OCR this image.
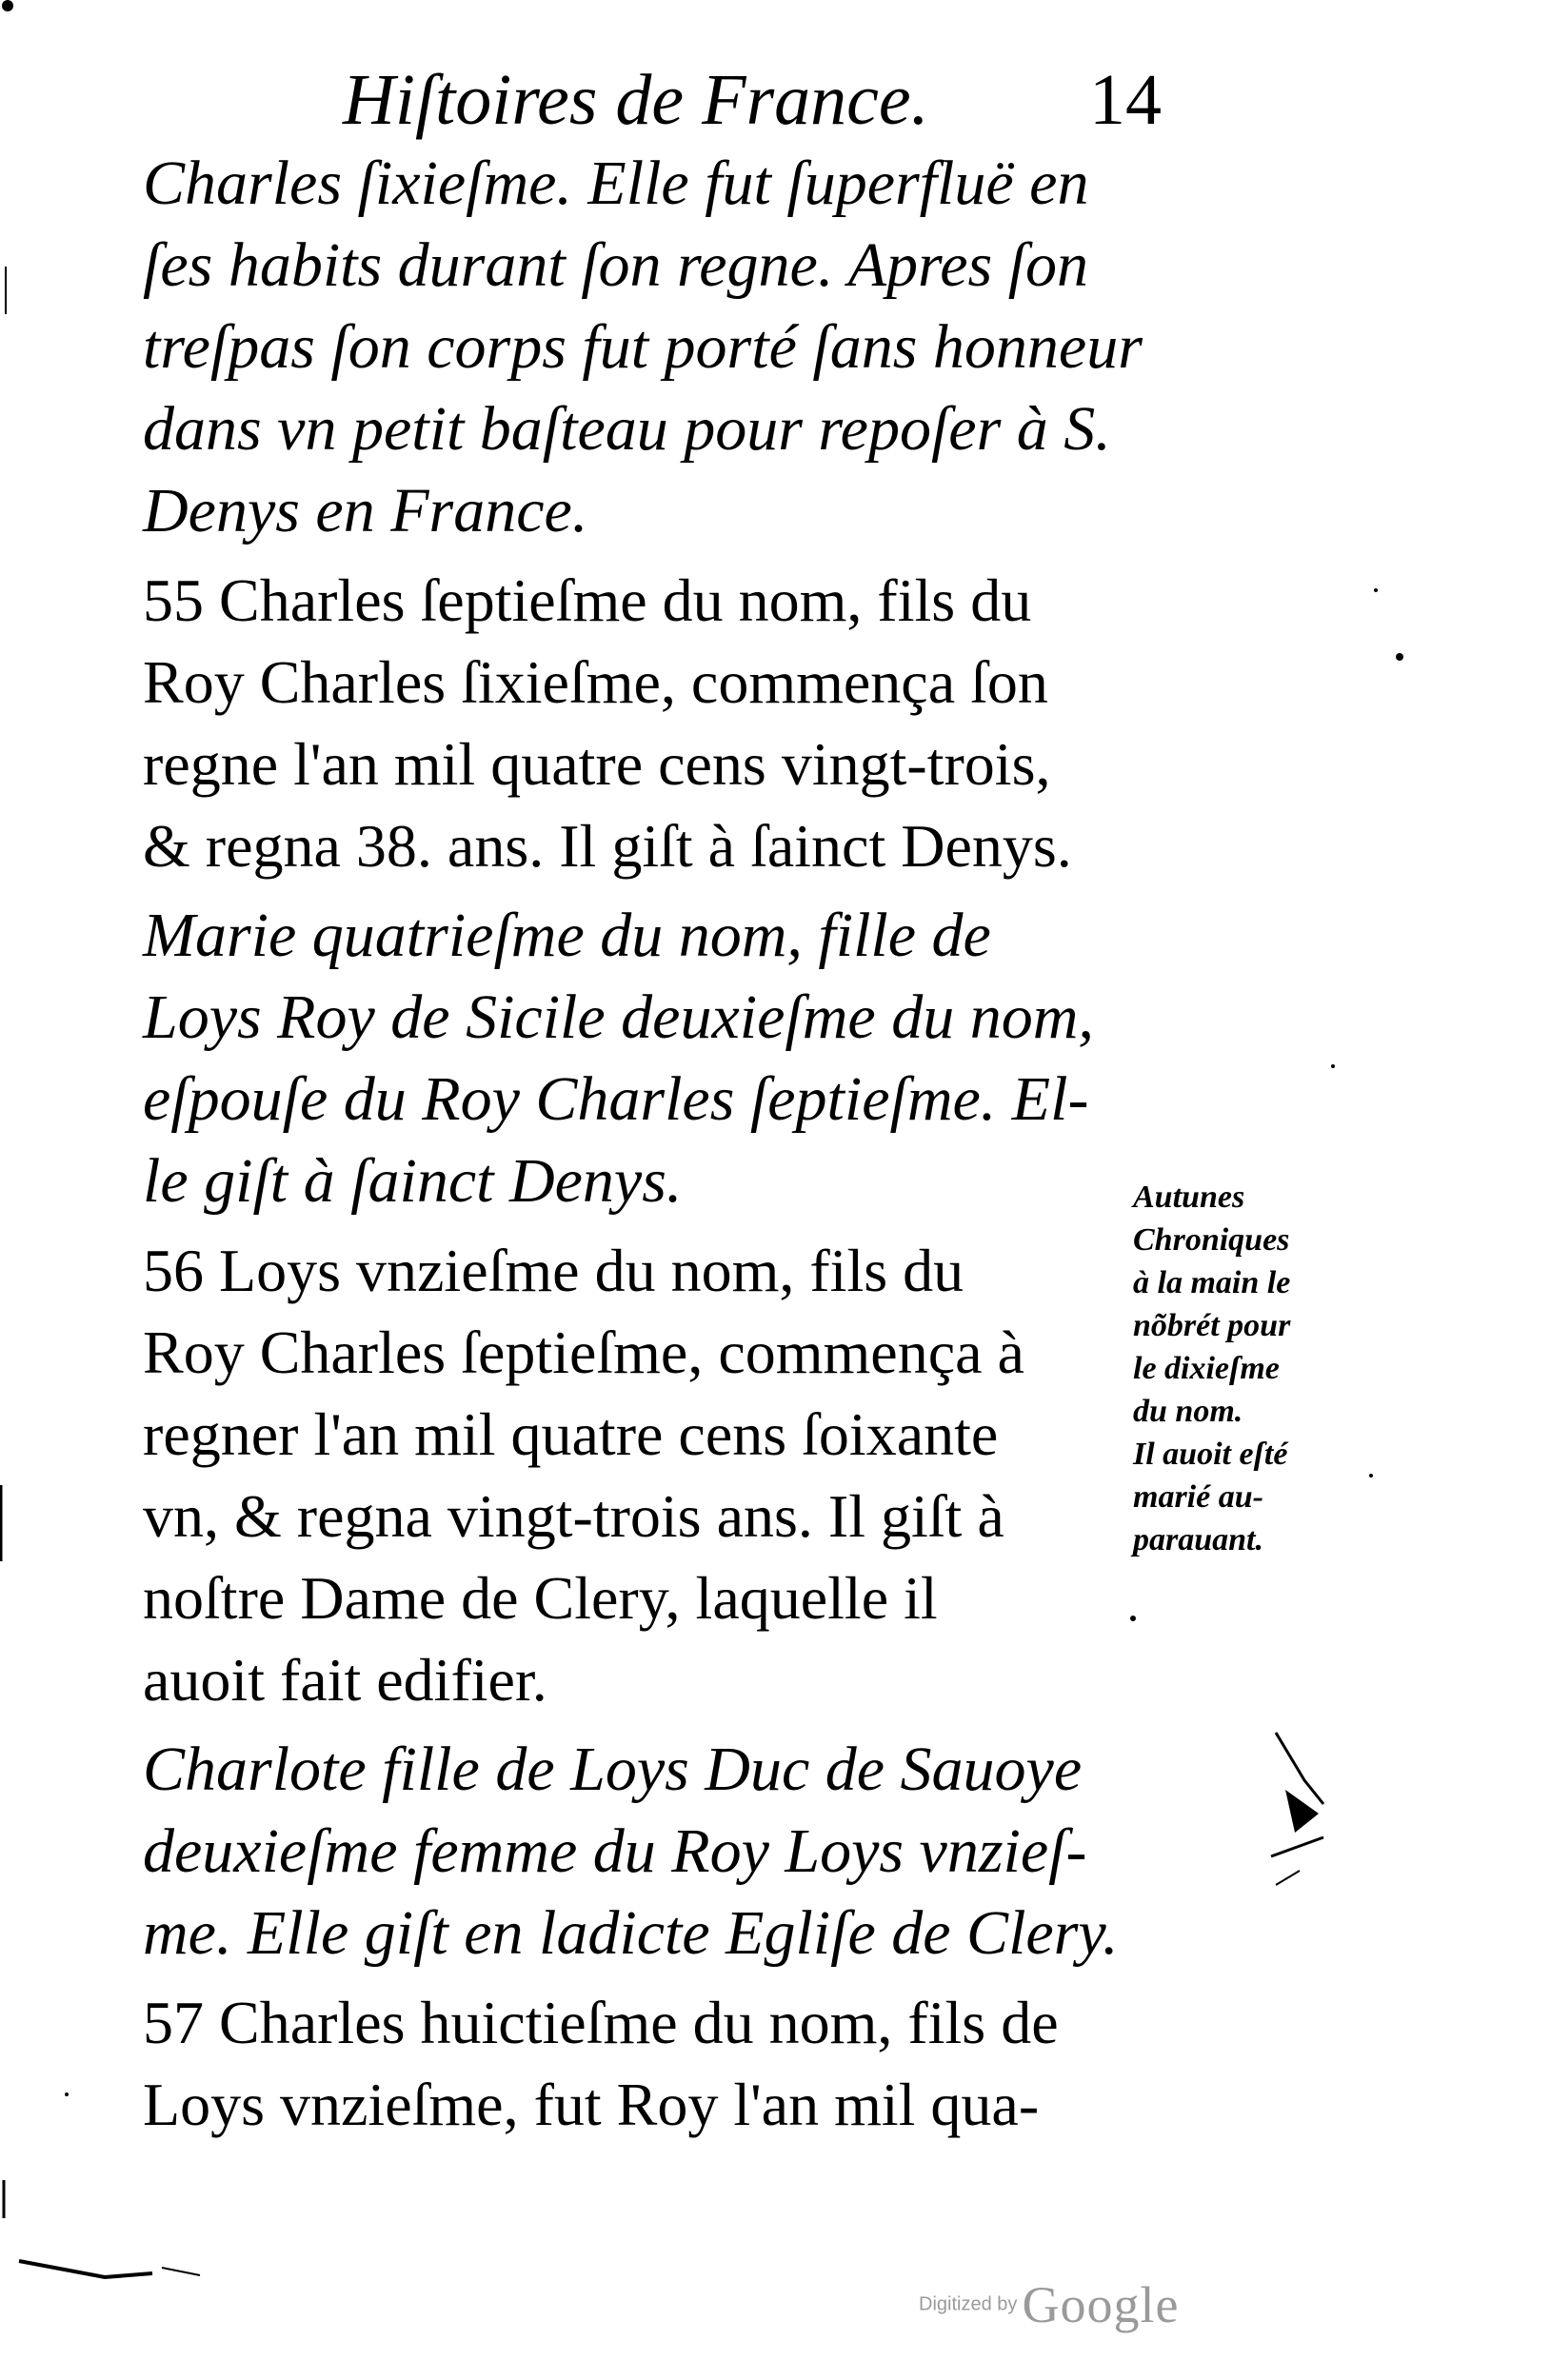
Hiſtoires de France. 14
Charles ſixieſme. Elle fut ſuperfluë en
ſes habits durant ſon regne. Apres ſon
treſpas ſon corps fut porté ſans honneur
dans vn petit baſteau pour repoſer à S.
Denys en France.
55 Charles ſeptieſme du nom, fils du
Roy Charles ſixieſme, commença ſon
regne l'an mil quatre cens vingt-trois,
& regna 38. ans. Il giſt à ſainct Denys.
Marie quatrieſme du nom, fille de
Loys Roy de Sicile deuxieſme du nom,
eſpouſe du Roy Charles ſeptieſme. El-
le giſt à ſainct Denys.
56 Loys vnzieſme du nom, fils du
Roy Charles ſeptieſme, commença à
regner l'an mil quatre cens ſoixante
vn, & regna vingt-trois ans. Il giſt à
noſtre Dame de Clery, laquelle il
auoit fait edifier.
Charlote fille de Loys Duc de Sauoye
deuxieſme femme du Roy Loys vnzieſ-
me. Elle giſt en ladicte Egliſe de Clery.
57 Charles huictieſme du nom, fils de
Loys vnzieſme, fut Roy l'an mil qua-
Autunes
Chroniques
à la main le
nõbrét pour
le dixieſme
du nom.
Il auoit eſté
marié au-
parauant.
Digitized by Google
